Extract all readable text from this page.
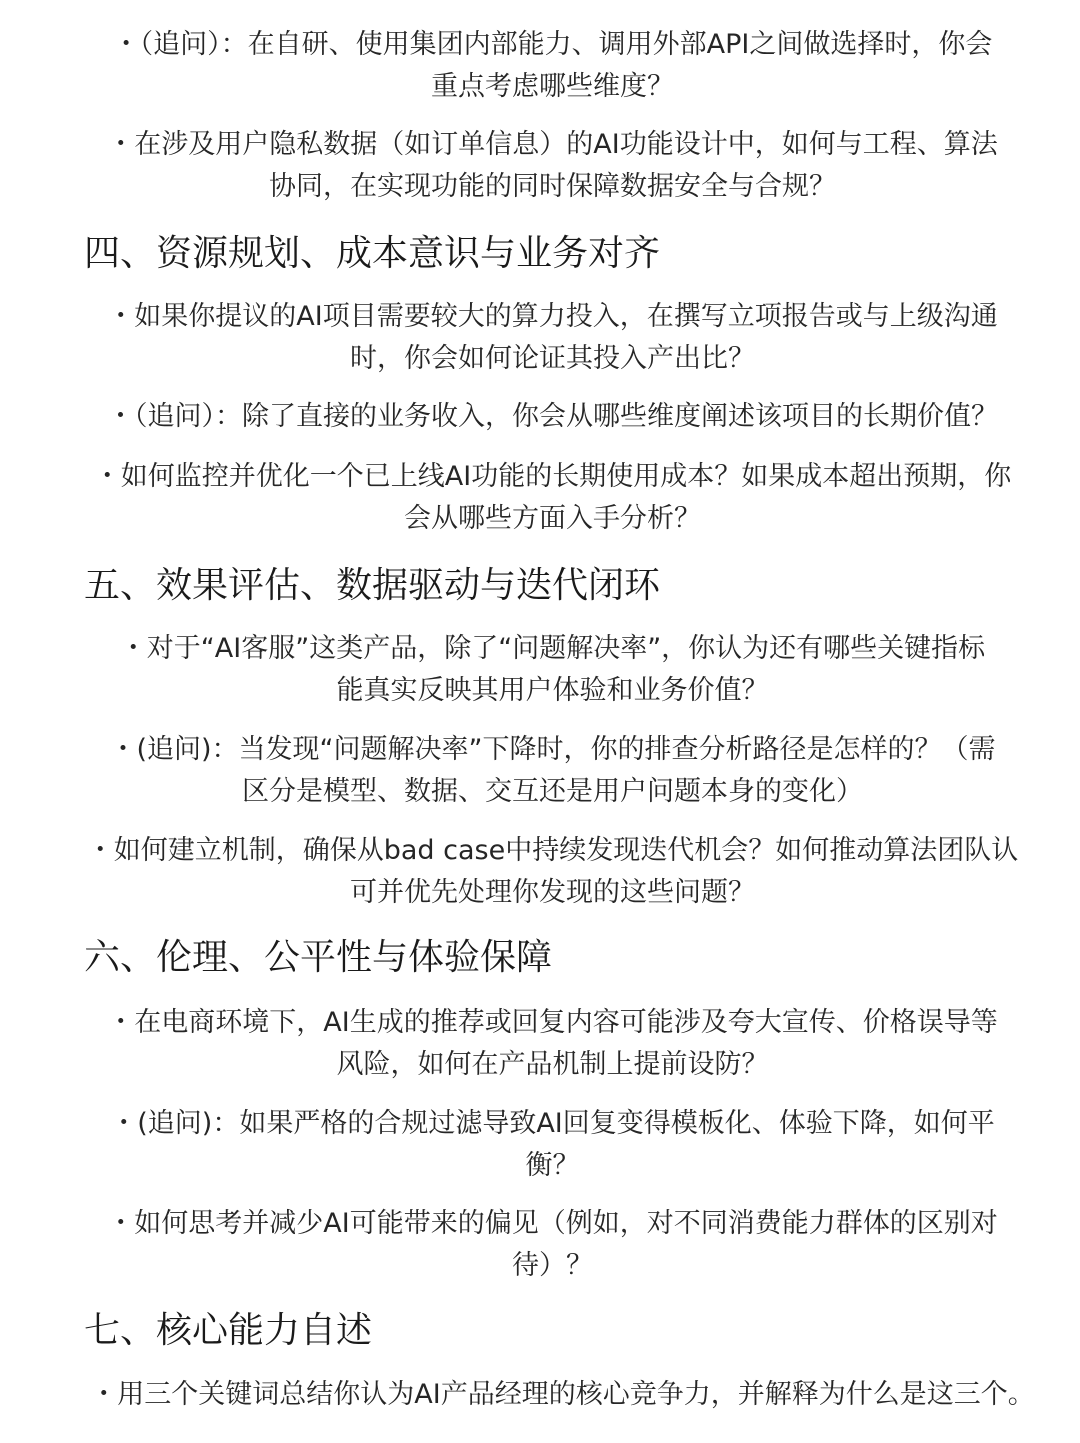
・（追问）：在自研、使用集团内部能力、调用外部API之间做选择时，你会
重点考虑哪些维度？
・在涉及用户隐私数据（如订单信息）的AI功能设计中，如何与工程、算法
协同，在实现功能的同时保障数据安全与合规？
四、资源规划、成本意识与业务对齐
・如果你提议的AI项目需要较大的算力投入，在撰写立项报告或与上级沟通
时，你会如何论证其投入产出比？
・（追问）：除了直接的业务收入，你会从哪些维度阐述该项目的长期价值？
・如何监控并优化一个已上线AI功能的长期使用成本？如果成本超出预期，你
会从哪些方面入手分析？
五、效果评估、数据驱动与迭代闭环
・对于“AI客服”这类产品，除了“问题解决率”，你认为还有哪些关键指标
能真实反映其用户体验和业务价值？
・(追问)：当发现“问题解决率”下降时，你的排查分析路径是怎样的？（需
区分是模型、数据、交互还是用户问题本身的变化）
・如何建立机制，确保从bad case中持续发现迭代机会？如何推动算法团队认
可并优先处理你发现的这些问题？
六、伦理、公平性与体验保障
・在电商环境下，AI生成的推荐或回复内容可能涉及夸大宣传、价格误导等
风险，如何在产品机制上提前设防？
・(追问)：如果严格的合规过滤导致AI回复变得模板化、体验下降，如何平
衡？
・如何思考并减少AI可能带来的偏见（例如，对不同消费能力群体的区别对
待）？
七、核心能力自述
・用三个关键词总结你认为AI产品经理的核心竞争力，并解释为什么是这三个。
